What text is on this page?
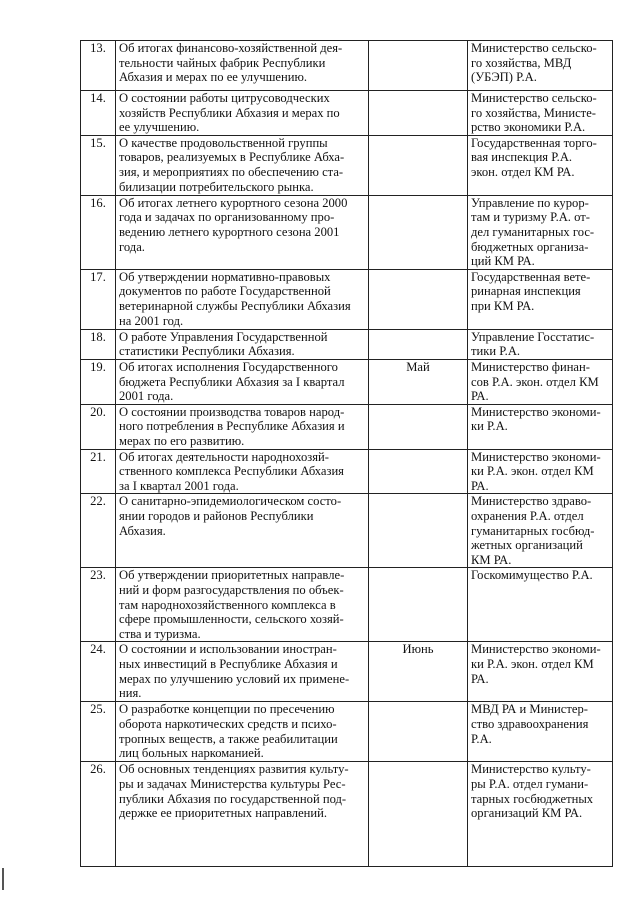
13.	Об итогах финансово-хозяйственной дея-
тельности чайных фабрик Республики
Абхазия и мерах по ее улучшению.		Министерство сельско-
го хозяйства, МВД
(УБЭП) Р.А.
14.	О состоянии работы цитрусоводческих
хозяйств Республики Абхазия и мерах по
ее улучшению.		Министерство сельско-
го хозяйства, Министе-
рство экономики Р.А.
15.	О качестве продовольственной группы
товаров, реализуемых в Республике Абха-
зия, и мероприятиях по обеспечению ста-
билизации потребительского рынка.		Государственная торго-
вая инспекция Р.А.
экон. отдел КМ РА.
16.	Об итогах летнего курортного сезона 2000
года и задачах по организованному про-
ведению летнего курортного сезона 2001
года.		Управление по курор-
там и туризму Р.А. от-
дел гуманитарных гос-
бюджетных организа-
ций КМ РА.
17.	Об утверждении нормативно-правовых
документов по работе Государственной
ветеринарной службы Республики Абхазия
на 2001 год.		Государственная вете-
ринарная инспекция
при КМ РА.
18.	О работе Управления Государственной
статистики Республики Абхазия.		Управление Госстатис-
тики Р.А.
19.	Об итогах исполнения Государственного
бюджета Республики Абхазия за I квартал
2001 года.	Май	Министерство финан-
сов Р.А. экон. отдел КМ
РА.
20.	О состоянии производства товаров народ-
ного потребления в Республике Абхазия и
мерах по его развитию.		Министерство экономи-
ки Р.А.
21.	Об итогах деятельности народнохозяй-
ственного комплекса Республики Абхазия
за I квартал 2001 года.		Министерство экономи-
ки Р.А. экон. отдел КМ
РА.
22.	О санитарно-эпидемиологическом состо-
янии городов и районов Республики
Абхазия.		Министерство здраво-
охранения Р.А. отдел
гуманитарных госбюд-
жетных организаций
КМ РА.
23.	Об утверждении приоритетных направле-
ний и форм разгосударствления по объек-
там народнохозяйственного комплекса в
сфере промышленности, сельского хозяй-
ства и туризма.		Госкомимущество Р.А.
24.	О состоянии и использовании иностран-
ных инвестиций в Республике Абхазия и
мерах по улучшению условий их примене-
ния.	Июнь	Министерство экономи-
ки Р.А. экон. отдел КМ
РА.
25.	О разработке концепции по пресечению
оборота наркотических средств и психо-
тропных веществ, а также реабилитации
лиц больных наркоманией.		МВД РА и Министер-
ство здравоохранения
Р.А.
26.	Об основных тенденциях развития культу-
ры и задачах Министерства культуры Рес-
публики Абхазия по государственной под-
держке ее приоритетных направлений.		Министерство культу-
ры Р.А. отдел гумани-
тарных госбюджетных
организаций КМ РА.
